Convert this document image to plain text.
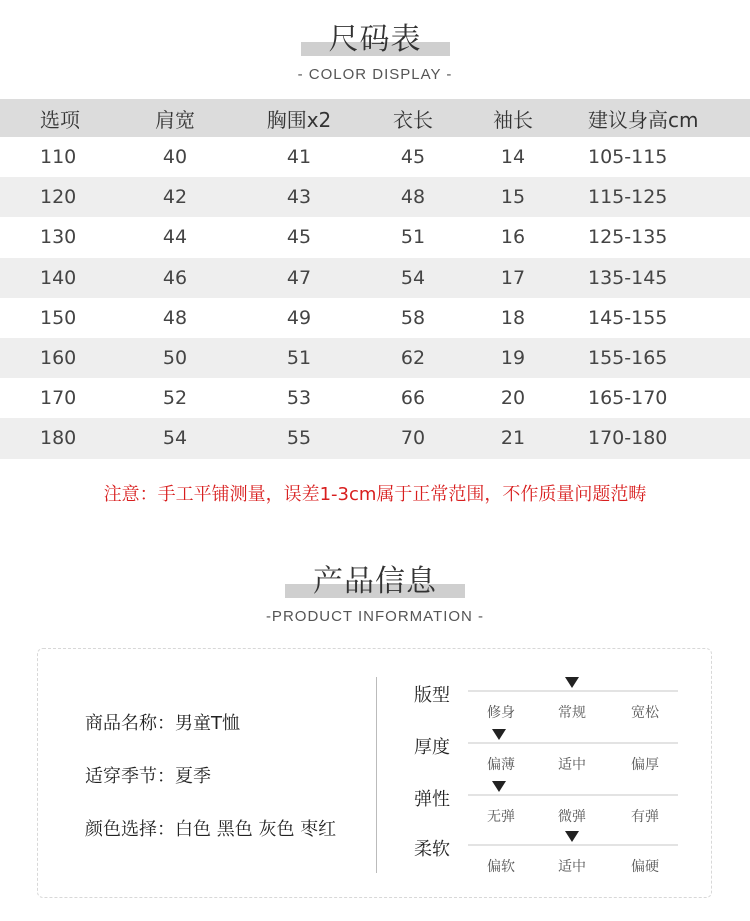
尺码表
- COLOR DISPLAY -
选项	肩宽	胸围x2	衣长	袖长	建议身高cm
110	40	41	45	14	105-115
120	42	43	48	15	115-125
130	44	45	51	16	125-135
140	46	47	54	17	135-145
150	48	49	58	18	145-155
160	50	51	62	19	155-165
170	52	53	66	20	165-170
180	54	55	70	21	170-180
注意：手工平铺测量，误差1-3cm属于正常范围，不作质量问题范畴
产品信息
-PRODUCT INFORMATION -
商品名称：男童T恤
适穿季节：夏季
颜色选择：白色 黑色 灰色 枣红
版型
修身	常规	宽松
厚度
偏薄	适中	偏厚
弹性
无弹	微弹	有弹
柔软
偏软	适中	偏硬
